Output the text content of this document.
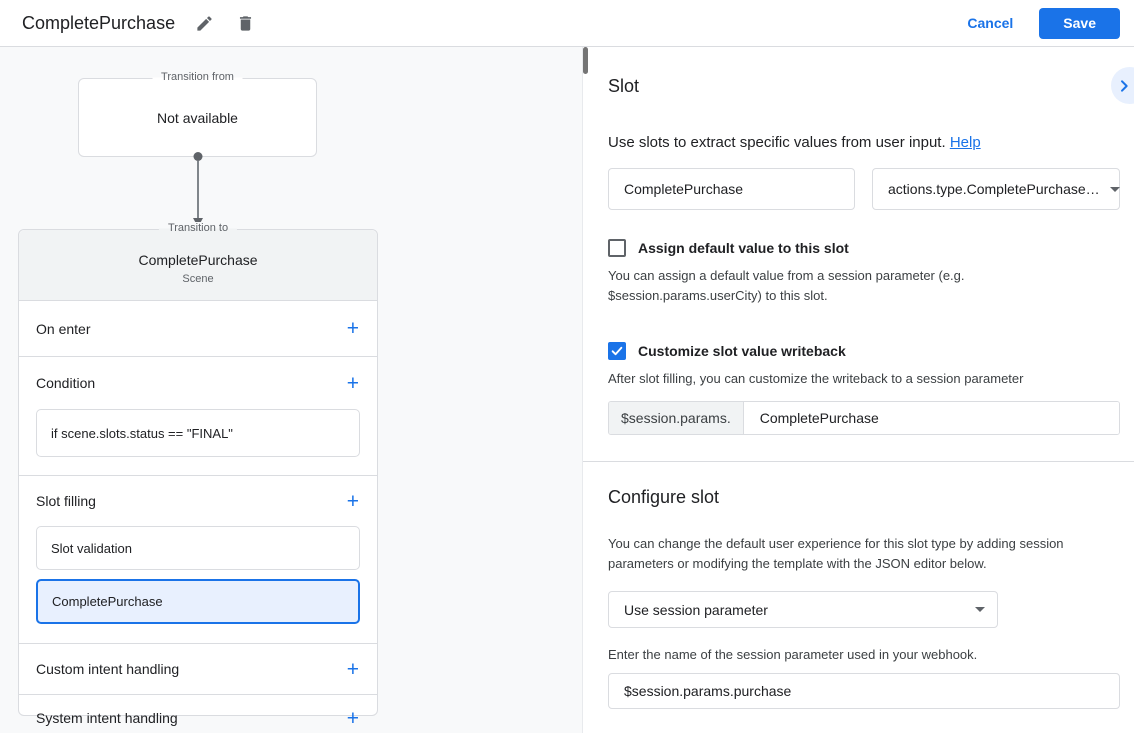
CompletePurchase	Cancel	Save
Transition from
Not available
Transition to
CompletePurchase
Scene
On enter	+
Condition	+
if scene.slots.status == "FINAL"
Slot filling	+
Slot validation
CompletePurchase
Custom intent handling	+
System intent handling	+
Slot

Use slots to extract specific values from user input. Help

CompletePurchase
actions.type.CompletePurchase…
Assign default value to this slot

You can assign a default value from a session parameter (e.g. $session.params.userCity) to this slot.

Customize slot value writeback

After slot filling, you can customize the writeback to a session parameter

$session.params.
CompletePurchase
Configure slot

You can change the default user experience for this slot type by adding session parameters or modifying the template with the JSON editor below.

Use session parameter

Enter the name of the session parameter used in your webhook.

$session.params.purchase
